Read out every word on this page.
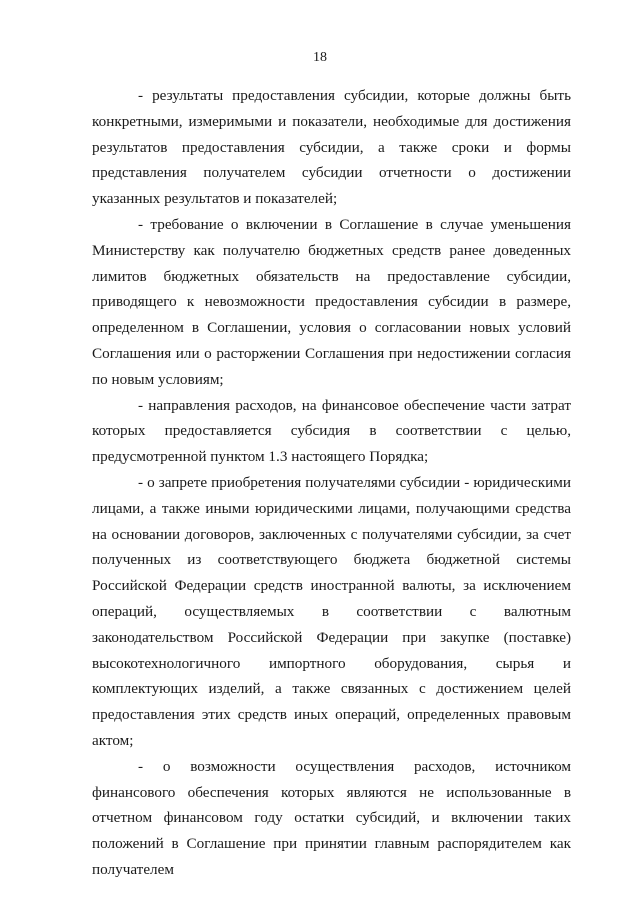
18

- результаты предоставления субсидии, которые должны быть конкретными, измеримыми и показатели, необходимые для достижения результатов предоставления субсидии, а также сроки и формы представления получателем субсидии отчетности о достижении указанных результатов и показателей;

- требование о включении в Соглашение в случае уменьшения Министерству как получателю бюджетных средств ранее доведенных лимитов бюджетных обязательств на предоставление субсидии, приводящего к невозможности предоставления субсидии в размере, определенном в Соглашении, условия о согласовании новых условий Соглашения или о расторжении Соглашения при недостижении согласия по новым условиям;

- направления расходов, на финансовое обеспечение части затрат которых предоставляется субсидия в соответствии с целью, предусмотренной пунктом 1.3 настоящего Порядка;

- о запрете приобретения получателями субсидии - юридическими лицами, а также иными юридическими лицами, получающими средства на основании договоров, заключенных с получателями субсидии, за счет полученных из соответствующего бюджета бюджетной системы Российской Федерации средств иностранной валюты, за исключением операций, осуществляемых в соответствии с валютным законодательством Российской Федерации при закупке (поставке) высокотехнологичного импортного оборудования, сырья и комплектующих изделий, а также связанных с достижением целей предоставления этих средств иных операций, определенных правовым актом;

- о возможности осуществления расходов, источником финансового обеспечения которых являются не использованные в отчетном финансовом году остатки субсидий, и включении таких положений в Соглашение при принятии главным распорядителем как получателем
